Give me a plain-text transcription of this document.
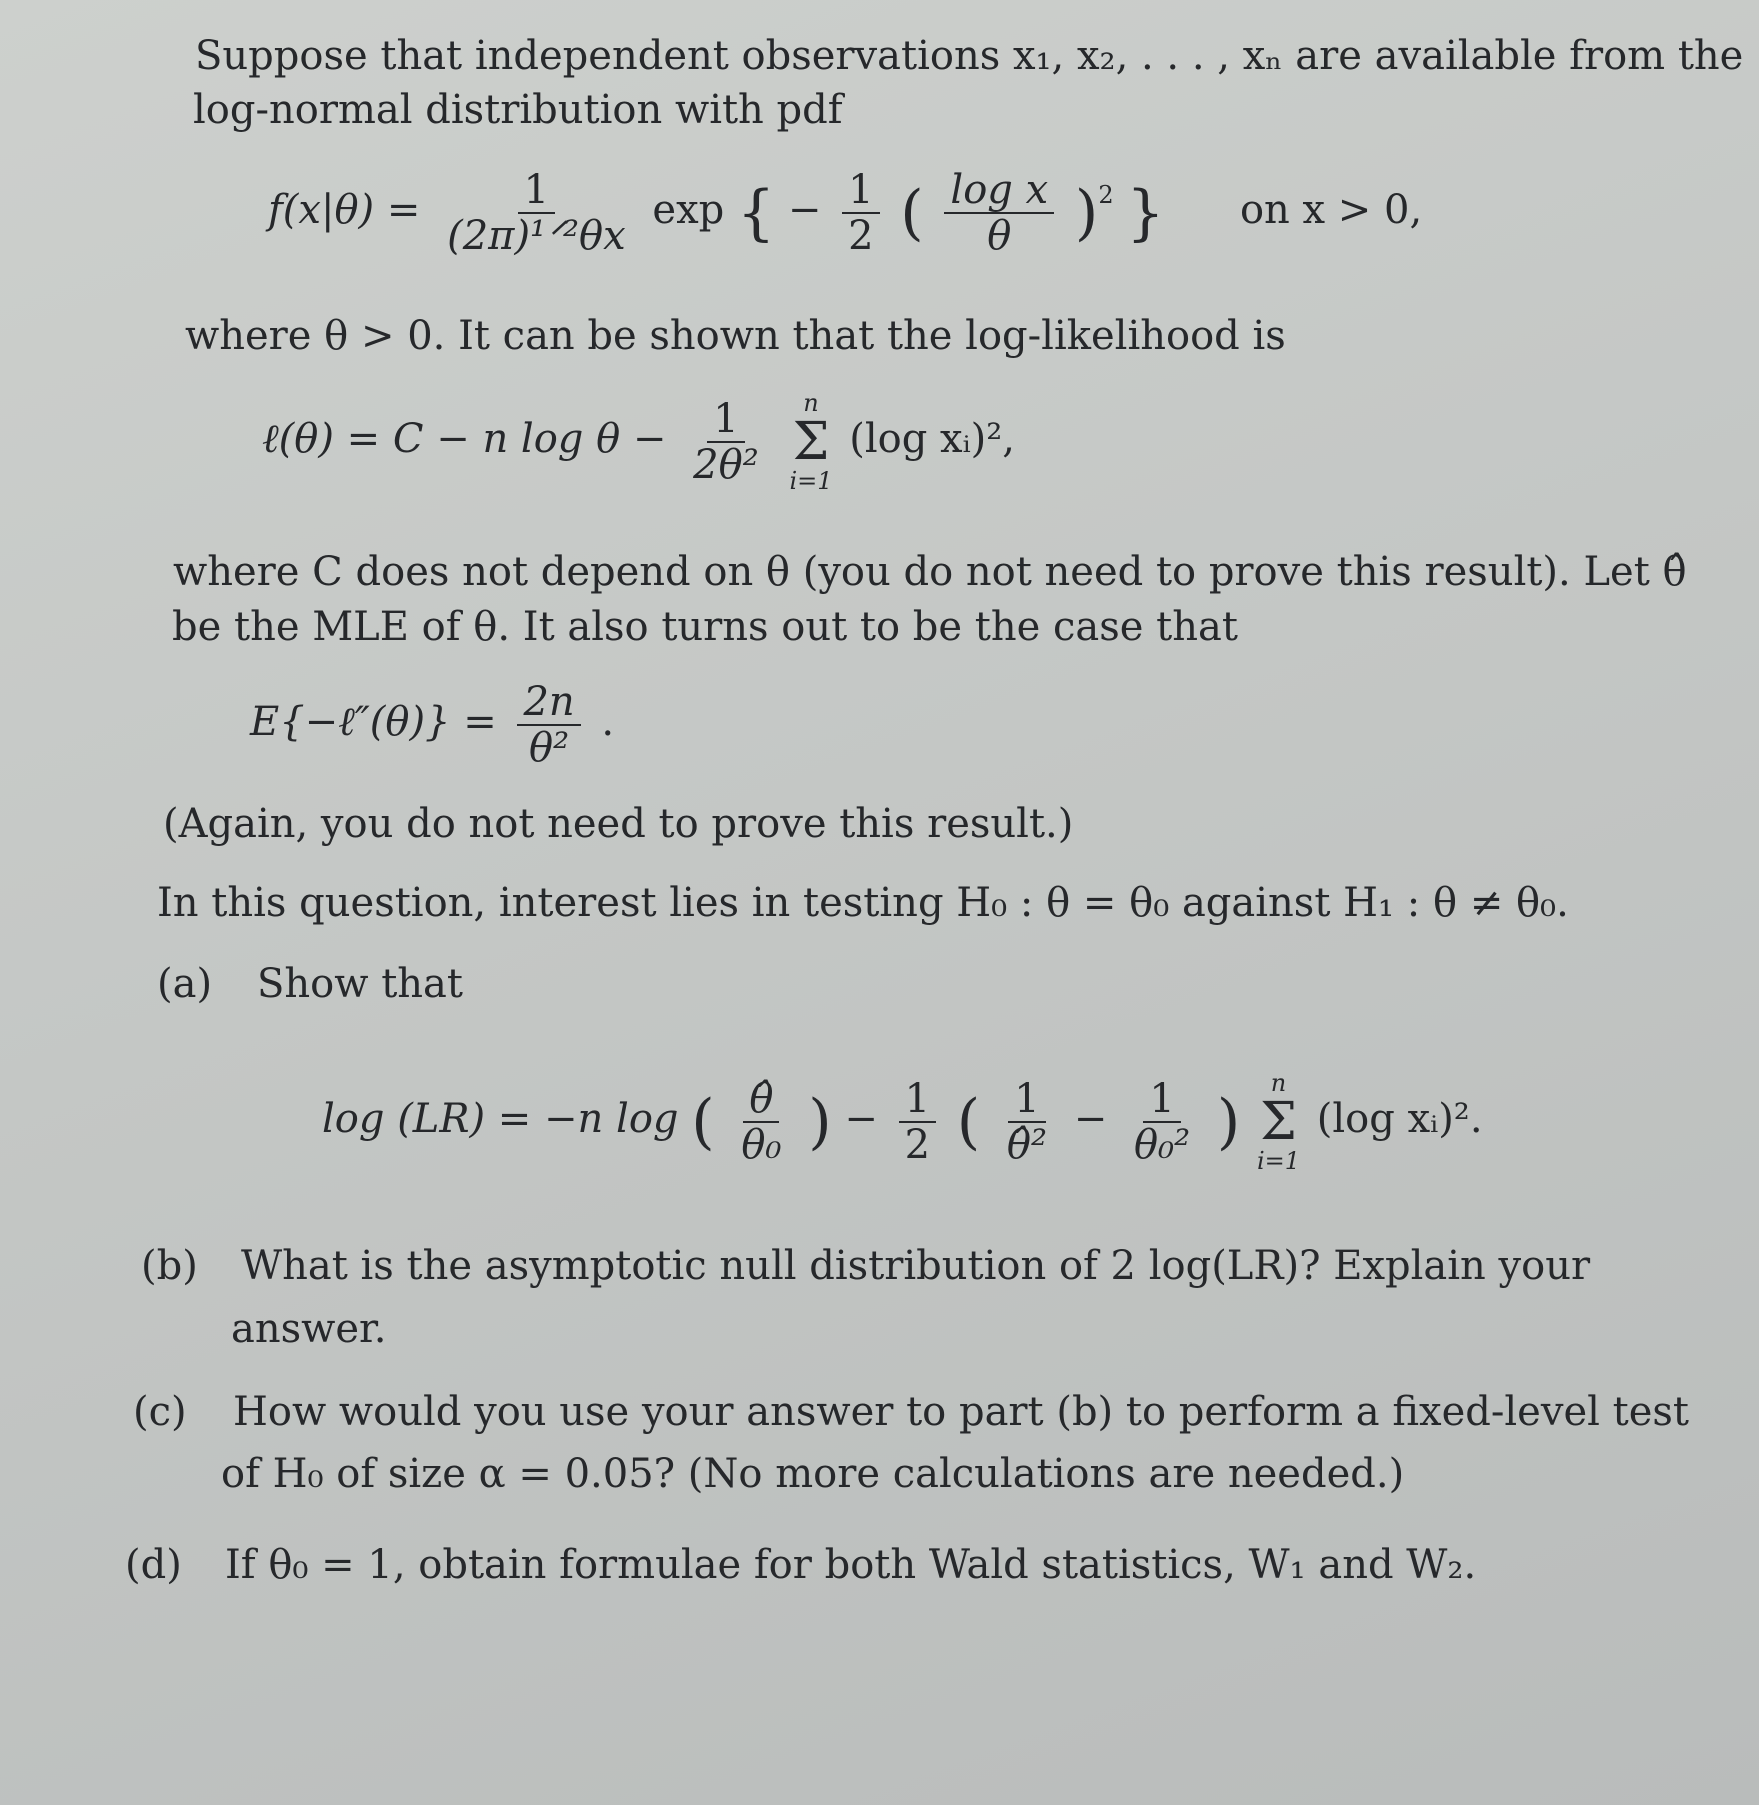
Suppose that independent observations x₁, x₂, . . . , xₙ are available from the
log-normal distribution with pdf
$f(x|\theta) = \frac{1}{\text{(2π)¹ᐟ²θx}}$ exp { − $\frac{1}{2}$ ( $\frac{\text{log x}}{\theta} )^2$ } on x > 0,
where θ > 0. It can be shown that the log-likelihood is
ℓ(θ) = C − n $\log \theta - \frac{1}{\text{2θ²}}$
n
Σ
i=1
(log xᵢ)²,
where C does not depend on θ (you do not need to prove this result). Let θ̂
be the MLE of θ. It also turns out to be the case that
E{−ℓ″(θ)} = $\frac{2n}{\text{θ²}}$ .
(Again, you do not need to prove this result.)
In this question, interest lies in testing H₀ : θ = θ₀ against H₁ : θ ≠ θ₀.
(a) Show that
log (LR) = −n log ( $\frac{\thetâ}{\text{θ₀}}$ ) − $\frac{1}{2}$ ( $\frac{1}{\text{θ̂²}} - \frac{1}{\text{θ₀²}}$ )
n
Σ
i=1
(log xᵢ)².
(b) What is the asymptotic null distribution of 2 log(LR)? Explain your
answer.
(c) How would you use your answer to part (b) to perform a fixed-level test
of H₀ of size α = 0.05? (No more calculations are needed.)
(d) If θ₀ = 1, obtain formulae for both Wald statistics, W₁ and W₂.
